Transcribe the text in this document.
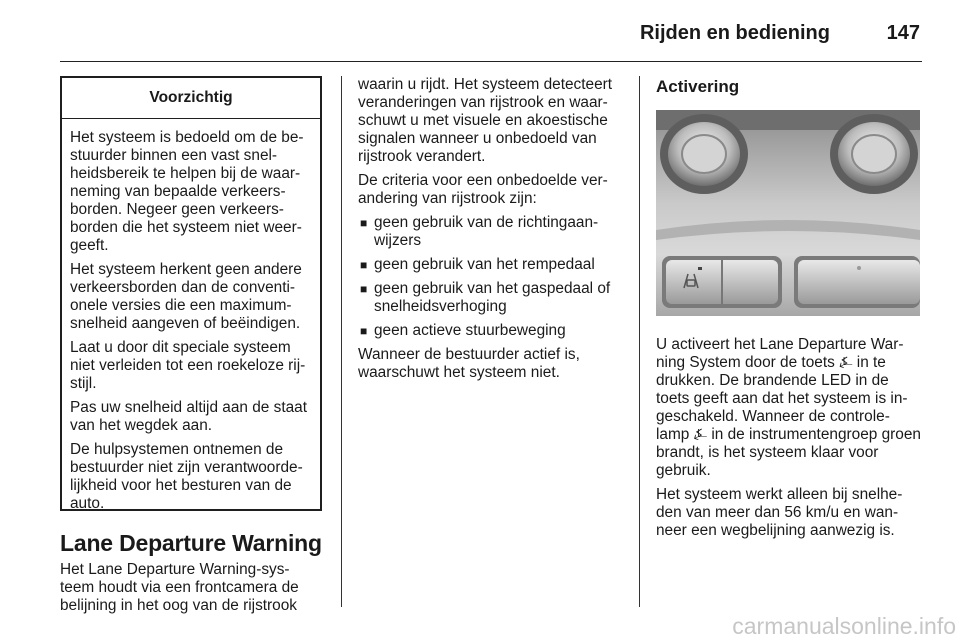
Rijden en bediening	147
Voorzichtig

Het systeem is bedoeld om de be-stuurder binnen een vast snel-heidsbereik te helpen bij de waar-neming van bepaalde verkeers-borden. Negeer geen verkeers-borden die het systeem niet weer-geeft.

Het systeem herkent geen andere verkeersborden dan de conventi-onele versies die een maximum-snelheid aangeven of beëindigen.

Laat u door dit speciale systeem niet verleiden tot een roekeloze rij-stijl.

Pas uw snelheid altijd aan de staat van het wegdek aan.

De hulpsystemen ontnemen de bestuurder niet zijn verantwoorde-lijkheid voor het besturen van de auto.

Lane Departure Warning

Het Lane Departure Warning-sys-teem houdt via een frontcamera de belijning in het oog van de rijstrook

waarin u rijdt. Het systeem detecteert veranderingen van rijstrook en waar-schuwt u met visuele en akoestische signalen wanneer u onbedoeld van rijstrook verandert.

De criteria voor een onbedoelde ver-andering van rijstrook zijn:

■ geen gebruik van de richtingaan-wijzers
■ geen gebruik van het rempedaal
■ geen gebruik van het gaspedaal of snelheidsverhoging
■ geen actieve stuurbeweging

Wanneer de bestuurder actief is, waarschuwt het systeem niet.

Activering

U activeert het Lane Departure War-ning System door de toets ⍼ in te drukken. De brandende LED in de toets geeft aan dat het systeem is in-geschakeld. Wanneer de controle-lamp ⍼ in de instrumentengroep groen brandt, is het systeem klaar voor gebruik.

Het systeem werkt alleen bij snelhe-den van meer dan 56 km/u en wan-neer een wegbelijning aanwezig is.

carmanualsonline.info
